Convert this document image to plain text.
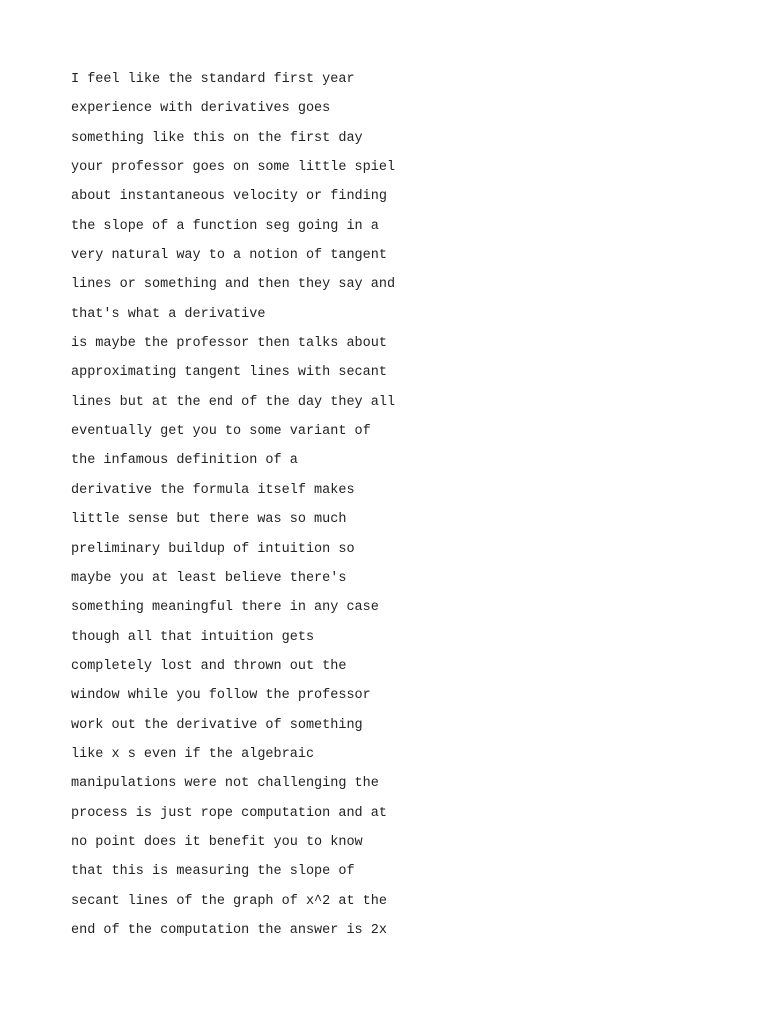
I feel like the standard first year
experience with derivatives goes
something like this on the first day
your professor goes on some little spiel
about instantaneous velocity or finding
the slope of a function seg going in a
very natural way to a notion of tangent
lines or something and then they say and
that's what a derivative
is maybe the professor then talks about
approximating tangent lines with secant
lines but at the end of the day they all
eventually get you to some variant of
the infamous definition of a
derivative the formula itself makes
little sense but there was so much
preliminary buildup of intuition so
maybe you at least believe there's
something meaningful there in any case
though all that intuition gets
completely lost and thrown out the
window while you follow the professor
work out the derivative of something
like x s even if the algebraic
manipulations were not challenging the
process is just rope computation and at
no point does it benefit you to know
that this is measuring the slope of
secant lines of the graph of x^2 at the
end of the computation the answer is 2x
